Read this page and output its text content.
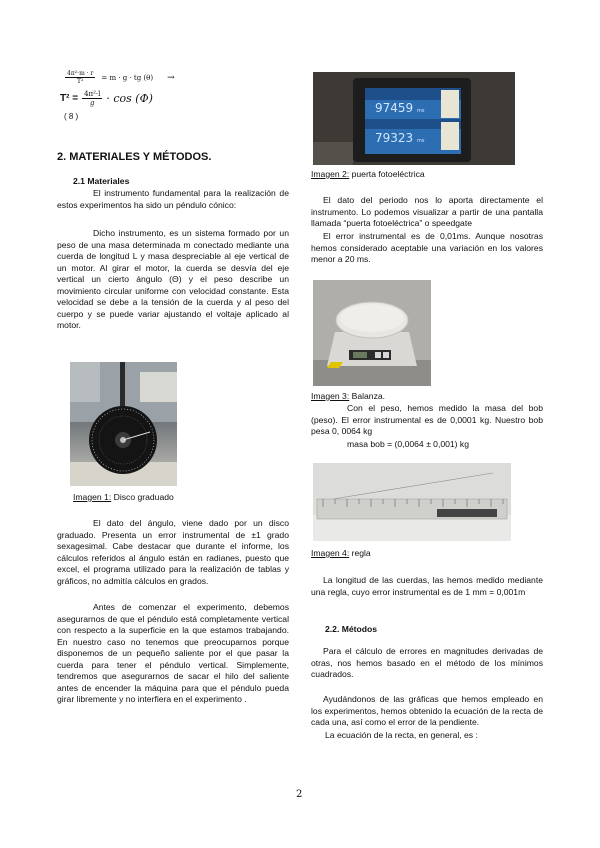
$\frac{\text{4π²·m · r}}{\text{T²}} = m \cdot g$ · tg (θ) →
$T^2 = \frac{\text{4π²·l}}{g} \cdot \cos (\Phi)$
( 8 )
2. MATERIALES Y MÉTODOS.
2.1 Materiales

El instrumento fundamental para la realización de estos experimentos ha sido un péndulo cónico:

Dicho instrumento, es un sistema formado por un peso de una masa determinada m conectado mediante una cuerda de longitud L y masa despreciable al eje vertical de un motor. Al girar el motor, la cuerda se desvía del eje vertical un cierto ángulo (Θ) y el peso describe un movimiento circular uniforme con velocidad constante. Esta velocidad se debe a la tensión de la cuerda y al peso del cuerpo y se puede variar ajustando el voltaje aplicado al motor.

Imagen 1: Disco graduado

El dato del ángulo, viene dado por un disco graduado. Presenta un error instrumental de ±1 grado sexagesimal. Cabe destacar que durante el informe, los cálculos referidos al ángulo están en radianes, puesto que excel, el programa utilizado para la realización de tablas y gráficos, no admitía cálculos en grados.

Antes de comenzar el experimento, debemos asegurarnos de que el péndulo está completamente vertical con respecto a la superficie en la que estamos trabajando. En nuestro caso no tenemos que preocuparnos porque disponemos de un pequeño saliente por el que pasar la cuerda para tener el péndulo vertical. Simplemente, tendremos que asegurarnos de sacar el hilo del saliente antes de encender la máquina para que el péndulo pueda girar libremente y no interfiera en el experimento .

97459 ms
79323 ms
Imagen 2: puerta fotoeléctrica

El dato del periodo nos lo aporta directamente el instrumento. Lo podemos visualizar a partir de una pantalla llamada “puerta fotoeléctrica” o speedgate

El error instrumental es de 0,01ms. Aunque nosotras hemos considerado aceptable una variación en los valores menor a 20 ms.

Imagen 3: Balanza.

Con el peso, hemos medido la masa del bob (peso). El error instrumental es de 0,0001 kg. Nuestro bob pesa 0, 0064 kg

masa bob = (0,0064 ± 0,001) kg
Imagen 4: regla

La longitud de las cuerdas, las hemos medido mediante una regla, cuyo error instrumental es de 1 mm = 0,001m

2.2. Métodos

Para el cálculo de errores en magnitudes derivadas de otras, nos hemos basado en el método de los mínimos cuadrados.

Ayudándonos de las gráficas que hemos empleado en los experimentos, hemos obtenido la ecuación de la recta de cada una, así como el error de la pendiente.

La ecuación de la recta, en general, es :

2
